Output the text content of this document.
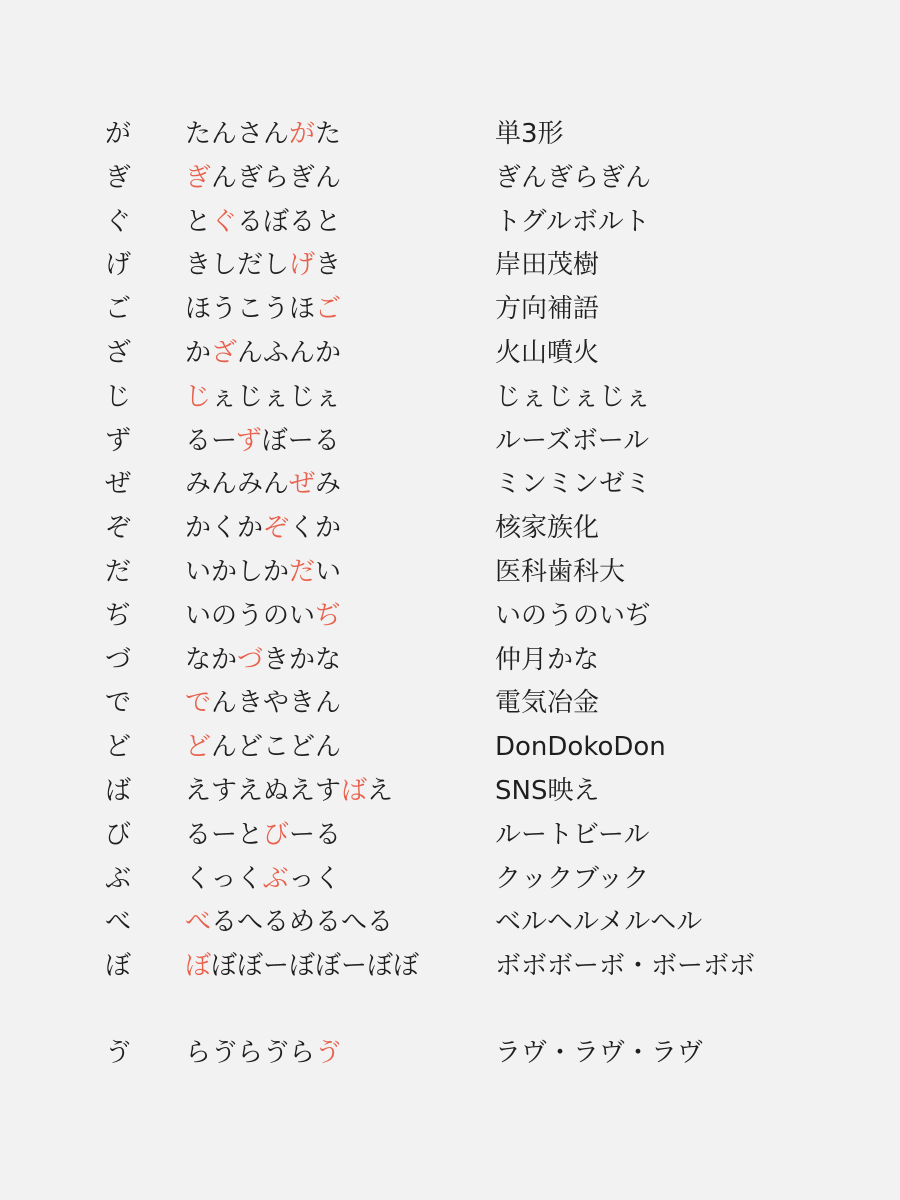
が たんさんがた	単3形
ぎ ぎんぎらぎん	ぎんぎらぎん
ぐ とぐるぼると	トグルボルト
げ きしだしげき	岸田茂樹
ご ほうこうほご	方向補語
ざ かざんふんか	火山噴火
じ じぇじぇじぇ	じぇじぇじぇ
ず るーずぼーる	ルーズボール
ぜ みんみんぜみ	ミンミンゼミ
ぞ かくかぞくか	核家族化
だ いかしかだい	医科歯科大
ぢ いのうのいぢ	いのうのいぢ
づ なかづきかな	仲月かな
で でんきやきん	電気冶金
ど どんどこどん	DonDokoDon
ば えすえぬえすばえ	SNS映え
び るーとびーる	ルートビール
ぶ くっくぶっく	クックブック
べ べるへるめるへる	ベルヘルメルヘル
ぼ ぼぼぼーぼぼーぼぼ	ボボボーボ・ボーボボ
ゔ らゔらゔらゔ	ラヴ・ラヴ・ラヴ
